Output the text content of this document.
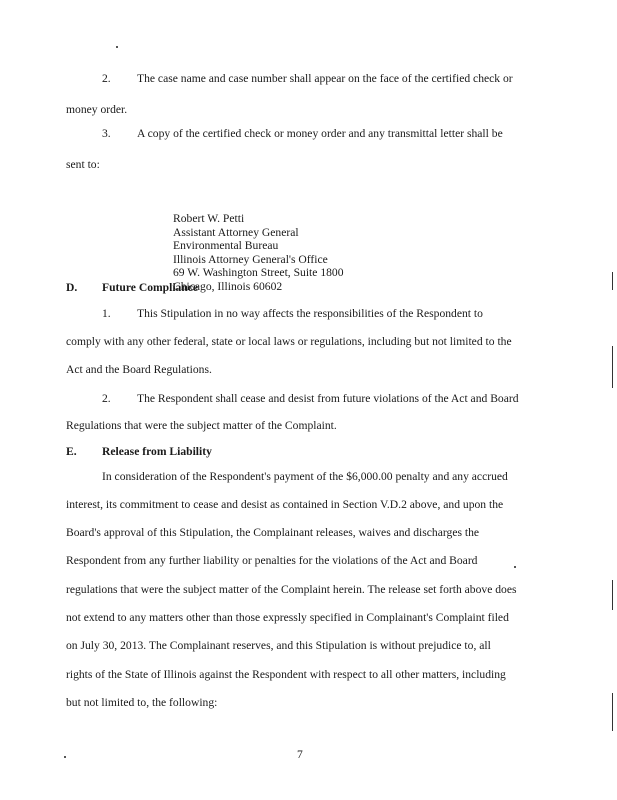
2. The case name and case number shall appear on the face of the certified check or
money order.
3. A copy of the certified check or money order and any transmittal letter shall be
sent to:
Robert W. Petti
Assistant Attorney General
Environmental Bureau
Illinois Attorney General's Office
69 W. Washington Street, Suite 1800
Chicago, Illinois 60602
D. Future Compliance
1. This Stipulation in no way affects the responsibilities of the Respondent to
comply with any other federal, state or local laws or regulations, including but not limited to the
Act and the Board Regulations.
2. The Respondent shall cease and desist from future violations of the Act and Board
Regulations that were the subject matter of the Complaint.
E. Release from Liability
In consideration of the Respondent's payment of the $6,000.00 penalty and any accrued
interest, its commitment to cease and desist as contained in Section V.D.2 above, and upon the
Board's approval of this Stipulation, the Complainant releases, waives and discharges the
Respondent from any further liability or penalties for the violations of the Act and Board
regulations that were the subject matter of the Complaint herein. The release set forth above does
not extend to any matters other than those expressly specified in Complainant's Complaint filed
on July 30, 2013. The Complainant reserves, and this Stipulation is without prejudice to, all
rights of the State of Illinois against the Respondent with respect to all other matters, including
but not limited to, the following:
7
